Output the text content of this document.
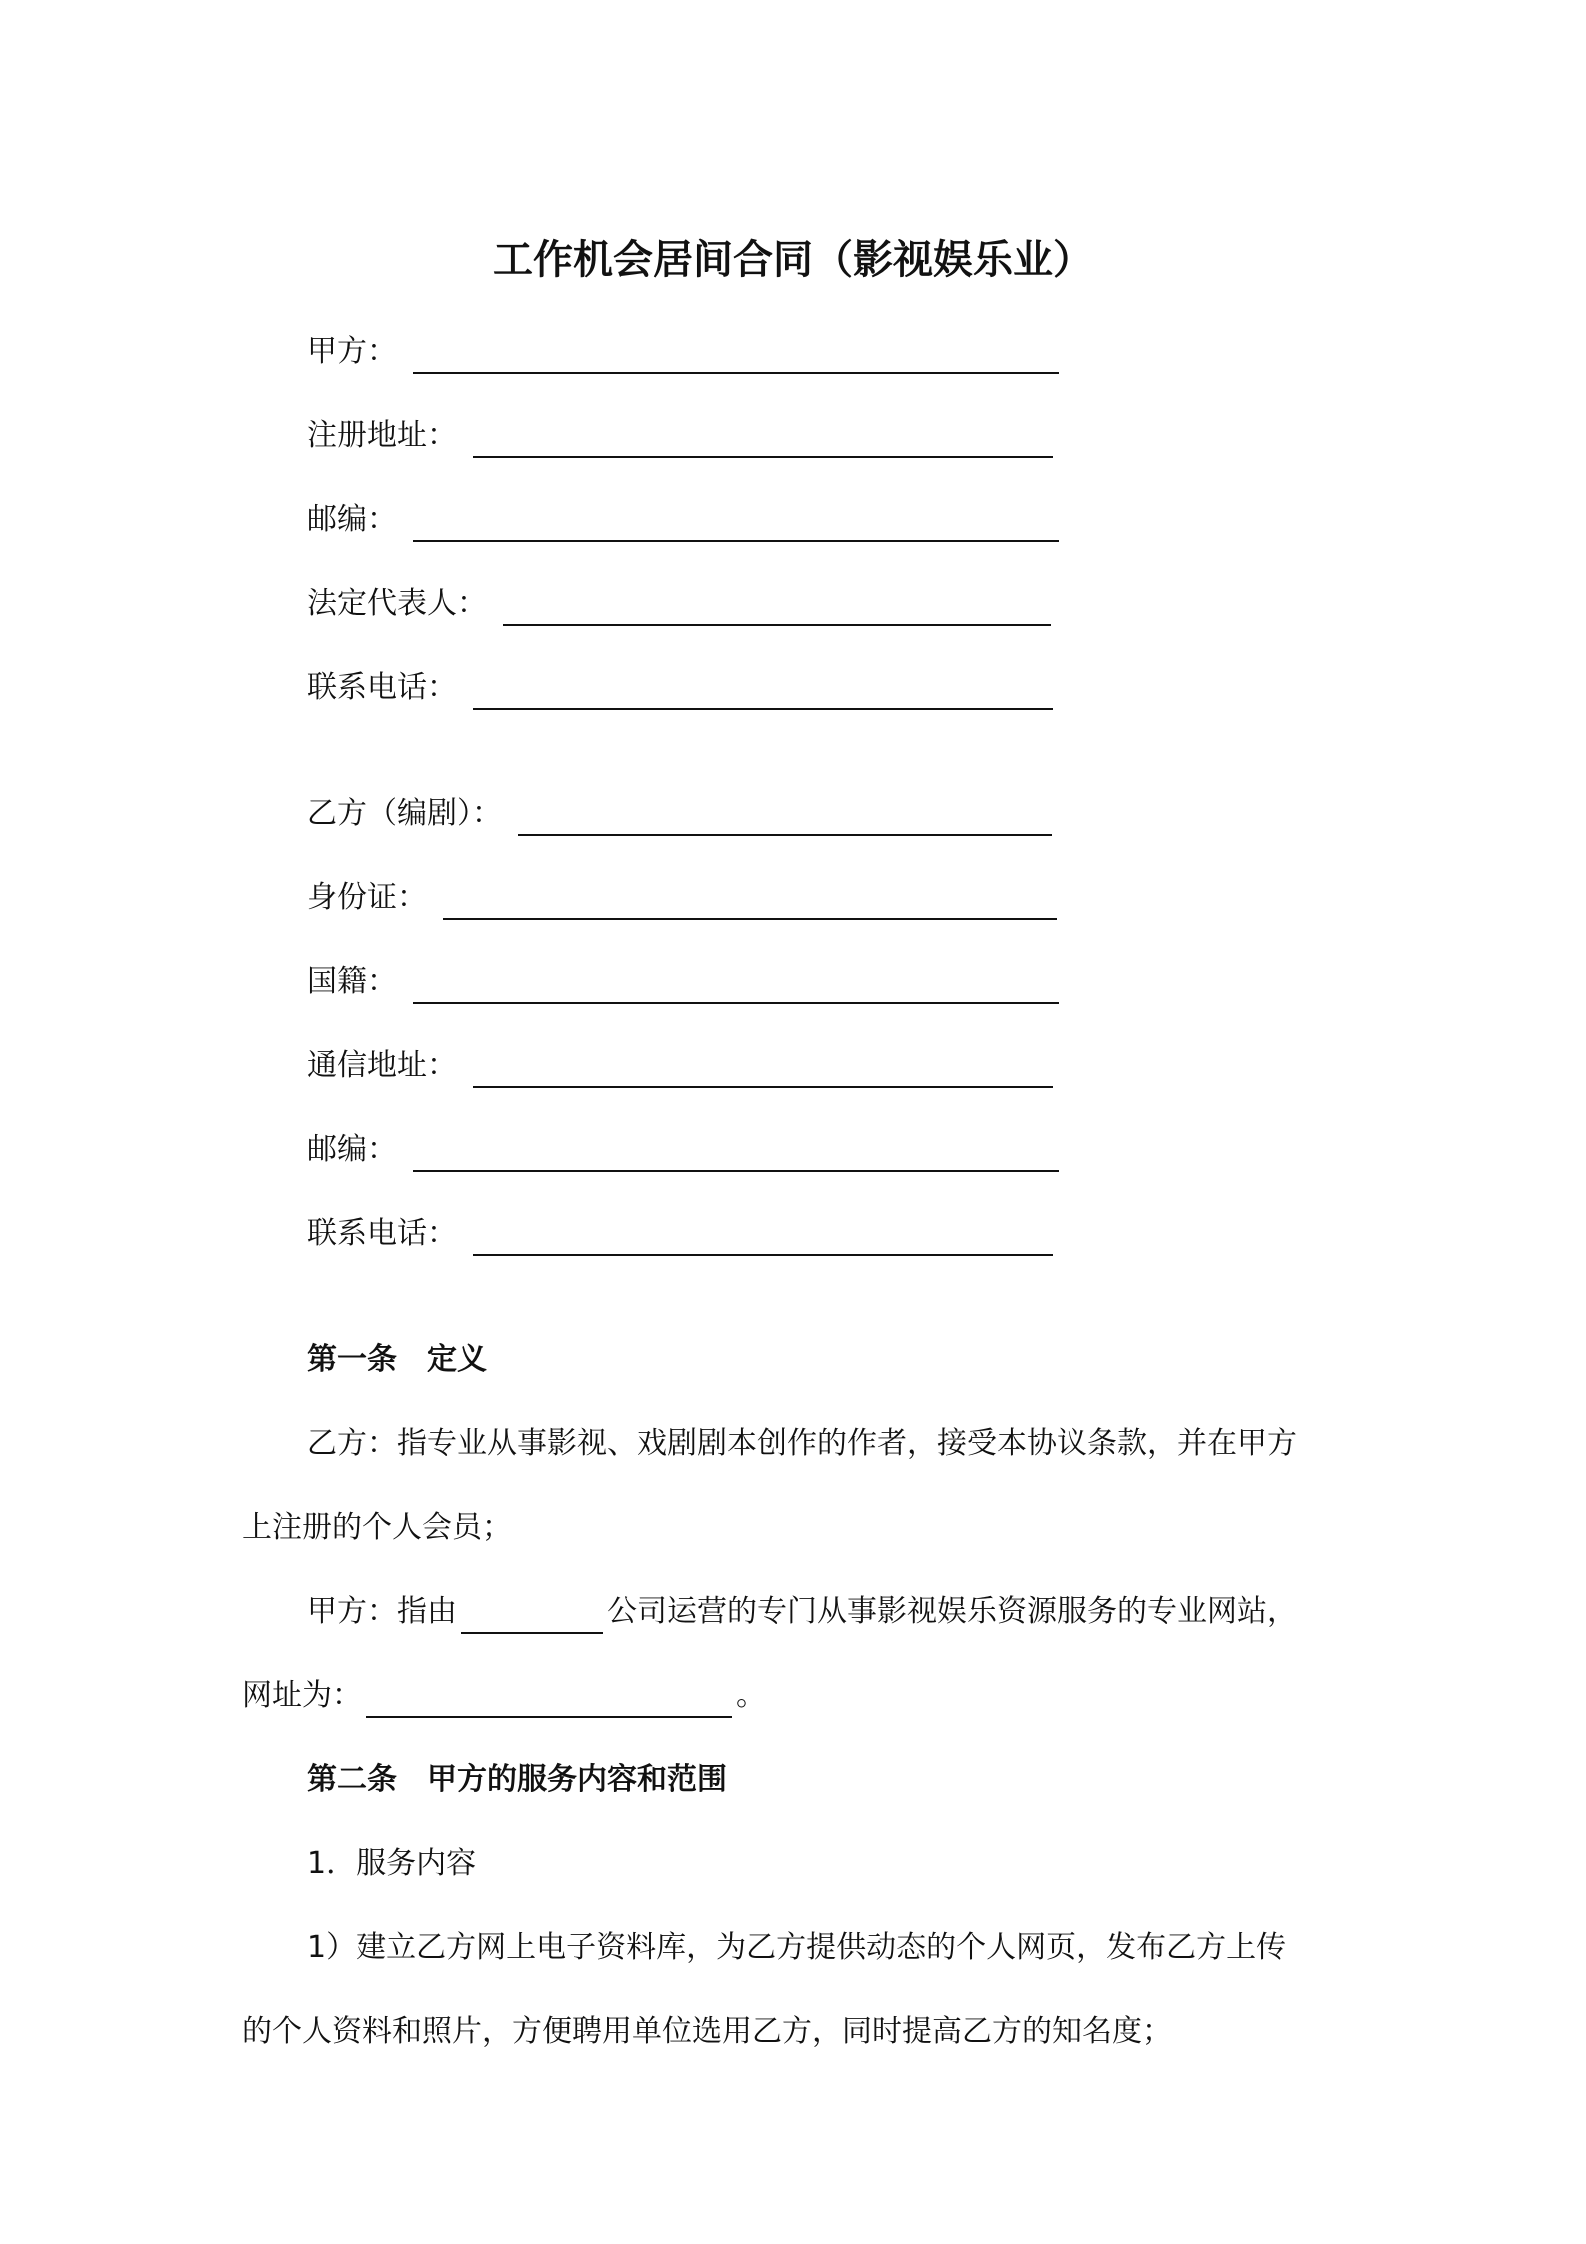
工作机会居间合同（影视娱乐业）
甲方：
注册地址：
邮编：
法定代表人：
联系电话：
乙方（编剧）：
身份证：
国籍：
通信地址：
邮编：
联系电话：
第一条　定义
乙方：指专业从事影视、戏剧剧本创作的作者，接受本协议条款，并在甲方
上注册的个人会员；
甲方：指由	公司运营的专门从事影视娱乐资源服务的专业网站，
网址为：	。
第二条　甲方的服务内容和范围
1．服务内容
1）建立乙方网上电子资料库，为乙方提供动态的个人网页，发布乙方上传
的个人资料和照片，方便聘用单位选用乙方，同时提高乙方的知名度；
